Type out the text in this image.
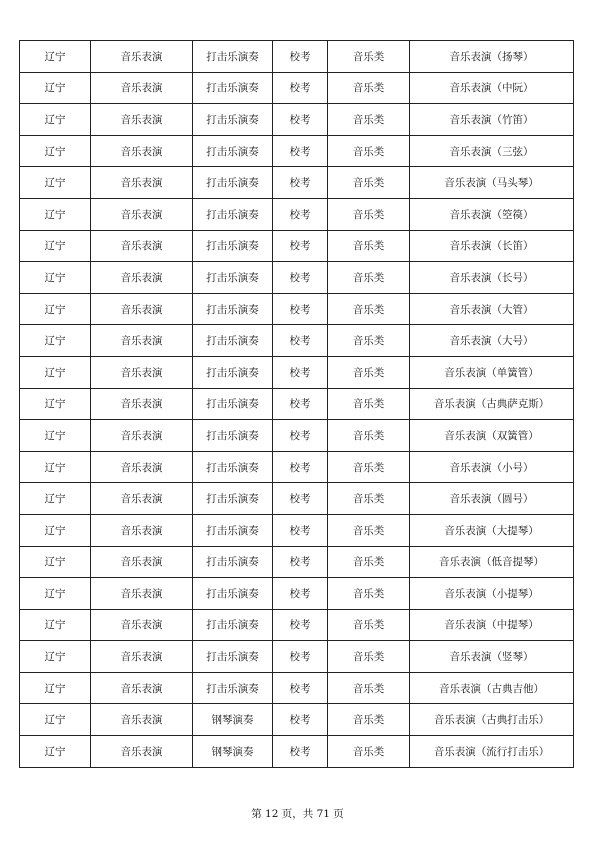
辽宁	音乐表演	打击乐演奏	校考	音乐类	音乐表演（扬琴）
辽宁	音乐表演	打击乐演奏	校考	音乐类	音乐表演（中阮）
辽宁	音乐表演	打击乐演奏	校考	音乐类	音乐表演（竹笛）
辽宁	音乐表演	打击乐演奏	校考	音乐类	音乐表演（三弦）
辽宁	音乐表演	打击乐演奏	校考	音乐类	音乐表演（马头琴）
辽宁	音乐表演	打击乐演奏	校考	音乐类	音乐表演（箜篌）
辽宁	音乐表演	打击乐演奏	校考	音乐类	音乐表演（长笛）
辽宁	音乐表演	打击乐演奏	校考	音乐类	音乐表演（长号）
辽宁	音乐表演	打击乐演奏	校考	音乐类	音乐表演（大管）
辽宁	音乐表演	打击乐演奏	校考	音乐类	音乐表演（大号）
辽宁	音乐表演	打击乐演奏	校考	音乐类	音乐表演（单簧管）
辽宁	音乐表演	打击乐演奏	校考	音乐类	音乐表演（古典萨克斯）
辽宁	音乐表演	打击乐演奏	校考	音乐类	音乐表演（双簧管）
辽宁	音乐表演	打击乐演奏	校考	音乐类	音乐表演（小号）
辽宁	音乐表演	打击乐演奏	校考	音乐类	音乐表演（圆号）
辽宁	音乐表演	打击乐演奏	校考	音乐类	音乐表演（大提琴）
辽宁	音乐表演	打击乐演奏	校考	音乐类	音乐表演（低音提琴）
辽宁	音乐表演	打击乐演奏	校考	音乐类	音乐表演（小提琴）
辽宁	音乐表演	打击乐演奏	校考	音乐类	音乐表演（中提琴）
辽宁	音乐表演	打击乐演奏	校考	音乐类	音乐表演（竖琴）
辽宁	音乐表演	打击乐演奏	校考	音乐类	音乐表演（古典吉他）
辽宁	音乐表演	钢琴演奏	校考	音乐类	音乐表演（古典打击乐）
辽宁	音乐表演	钢琴演奏	校考	音乐类	音乐表演（流行打击乐）
第 12 页，共 71 页
